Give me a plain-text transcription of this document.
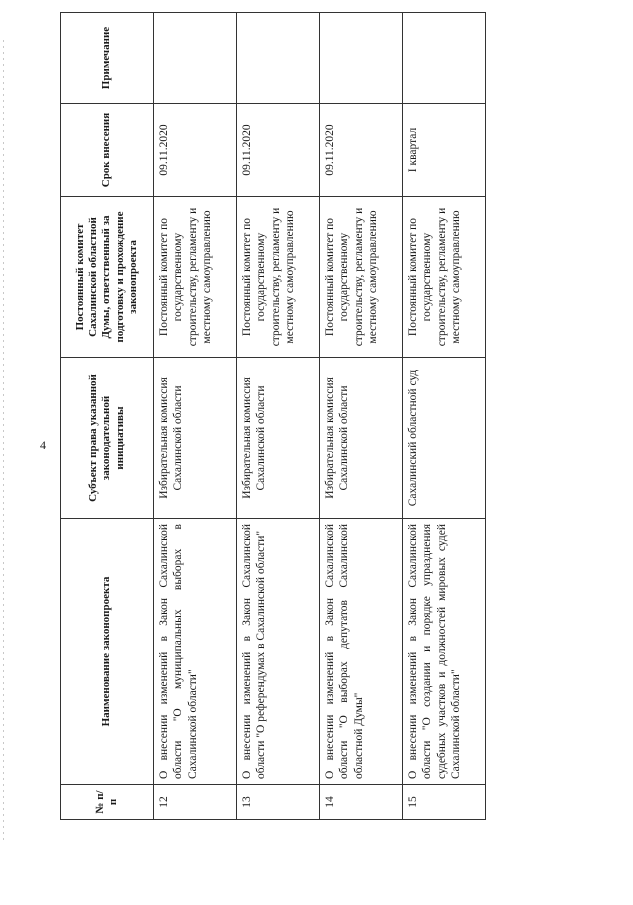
4
№ п/п	Наименование законопроекта	Субъект права указанной законодательной инициативы	Постоянный комитет Сахалинской областной Думы, ответственный за подготовку и прохождение законопроекта	Срок внесения	Примечание
12	О внесении изменений в Закон Сахалинской области "О муниципальных выборах в Сахалинской области"	Избирательная комиссия Сахалинской области	Постоянный комитет по государственному строительству, регламенту и местному самоуправлению	09.11.2020	
13	О внесении изменений в Закон Сахалинской области "О референдумах в Сахалинской области"	Избирательная комиссия Сахалинской области	Постоянный комитет по государственному строительству, регламенту и местному самоуправлению	09.11.2020	
14	О внесении изменений в Закон Сахалинской области "О выборах депутатов Сахалинской областной Думы"	Избирательная комиссия Сахалинской области	Постоянный комитет по государственному строительству, регламенту и местному самоуправлению	09.11.2020	
15	О внесении изменений в Закон Сахалинской области "О создании и порядке упразднения судебных участков и должностей мировых судей Сахалинской области"	Сахалинский областной суд	Постоянный комитет по государственному строительству, регламенту и местному самоуправлению	I квартал	
